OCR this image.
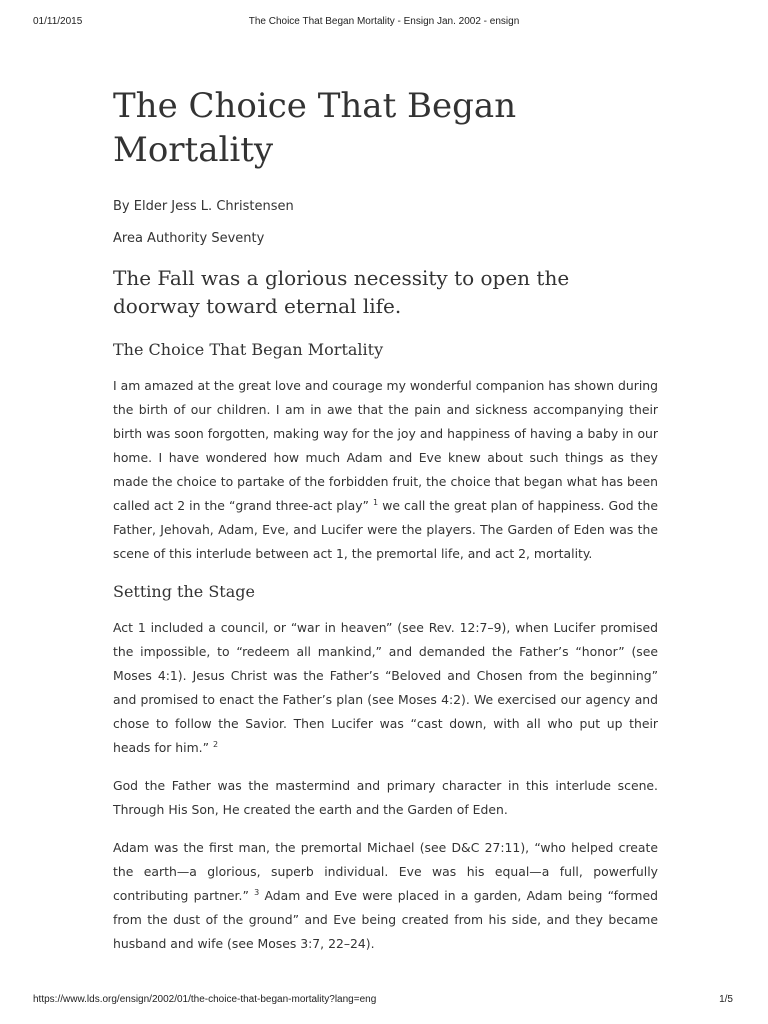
01/11/2015	The Choice That Began Mortality - Ensign Jan. 2002 - ensign
The Choice That Began Mortality

By Elder Jess L. Christensen

Area Authority Seventy

The Fall was a glorious necessity to open the doorway toward eternal life.

The Choice That Began Mortality

I am amazed at the great love and courage my wonderful companion has shown during the birth of our children. I am in awe that the pain and sickness accompanying their birth was soon forgotten, making way for the joy and happiness of having a baby in our home. I have wondered how much Adam and Eve knew about such things as they made the choice to partake of the forbidden fruit, the choice that began what has been called act 2 in the “grand three-act play” $^1$ we call the great plan of happiness. God the Father, Jehovah, Adam, Eve, and Lucifer were the players. The Garden of Eden was the scene of this interlude between act 1, the premortal life, and act 2, mortality.

Setting the Stage

Act 1 included a council, or “war in heaven” (see Rev. 12:7–9), when Lucifer promised the impossible, to “redeem all mankind,” and demanded the Father’s “honor” (see Moses 4:1). Jesus Christ was the Father’s “Beloved and Chosen from the beginning” and promised to enact the Father’s plan (see Moses 4:2). We exercised our agency and chose to follow the Savior. Then Lucifer was “cast down, with all who put up their heads for him.” $^2$

God the Father was the mastermind and primary character in this interlude scene. Through His Son, He created the earth and the Garden of Eden.

Adam was the first man, the premortal Michael (see D&C 27:11), “who helped create the earth—a glorious, superb individual. Eve was his equal—a full, powerfully contributing partner.” $^3$ Adam and Eve were placed in a garden, Adam being “formed from the dust of the ground” and Eve being created from his side, and they became husband and wife (see Moses 3:7, 22–24).

https://www.lds.org/ensign/2002/01/the-choice-that-began-mortality?lang=eng	1/5
